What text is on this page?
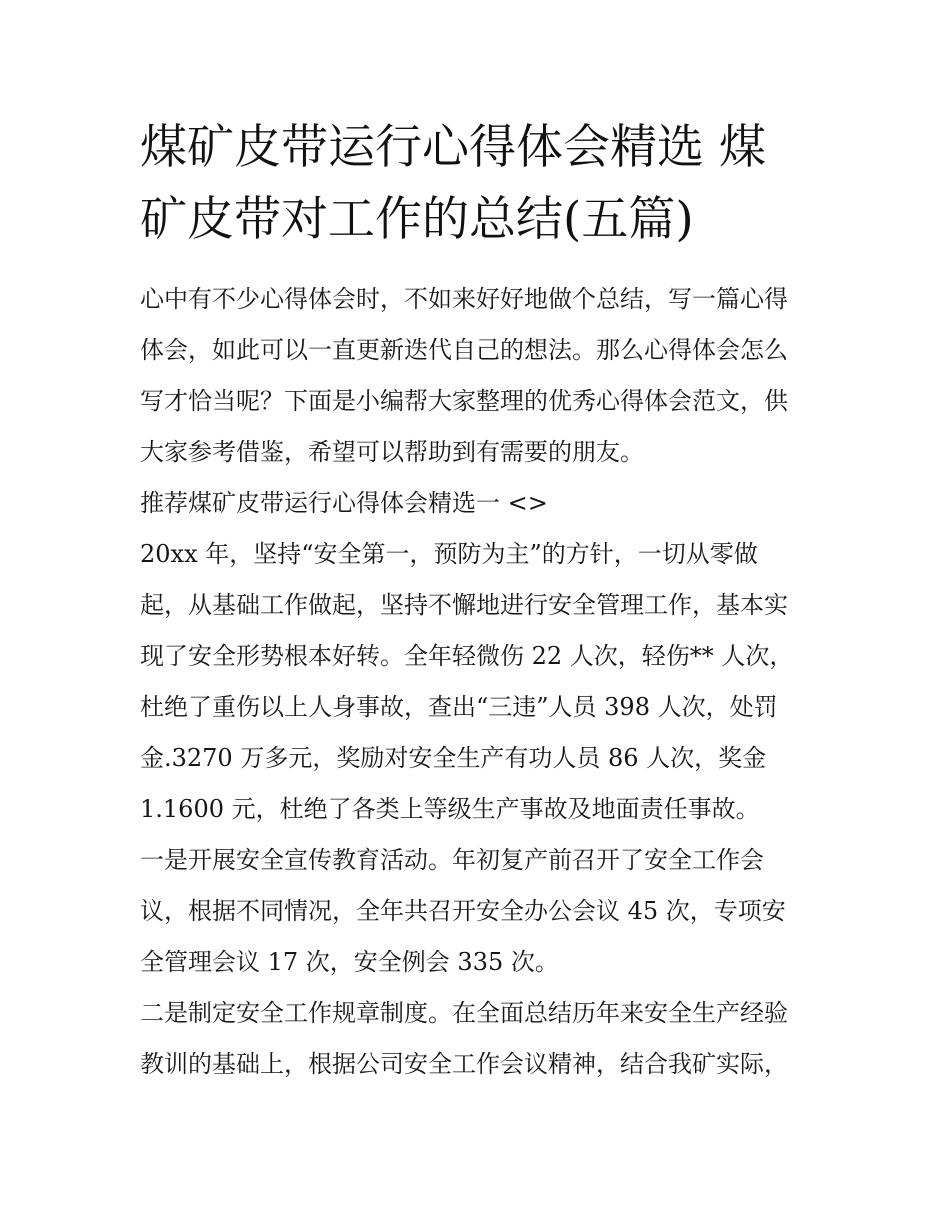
煤矿皮带运行心得体会精选 煤
矿皮带对工作的总结(五篇)

心中有不少心得体会时，不如来好好地做个总结，写一篇心得
体会，如此可以一直更新迭代自己的想法。那么心得体会怎么
写才恰当呢？下面是小编帮大家整理的优秀心得体会范文，供
大家参考借鉴，希望可以帮助到有需要的朋友。

推荐煤矿皮带运行心得体会精选一 <>

20xx 年，坚持“安全第一，预防为主”的方针，一切从零做
起，从基础工作做起，坚持不懈地进行安全管理工作，基本实
现了安全形势根本好转。全年轻微伤 22 人次，轻伤** 人次，
杜绝了重伤以上人身事故，查出“三违”人员 398 人次，处罚
金.3270 万多元，奖励对安全生产有功人员 86 人次，奖金
1.1600 元，杜绝了各类上等级生产事故及地面责任事故。

一是开展安全宣传教育活动。年初复产前召开了安全工作会
议，根据不同情况，全年共召开安全办公会议 45 次，专项安
全管理会议 17 次，安全例会 335 次。

二是制定安全工作规章制度。在全面总结历年来安全生产经验
教训的基础上，根据公司安全工作会议精神，结合我矿实际，
